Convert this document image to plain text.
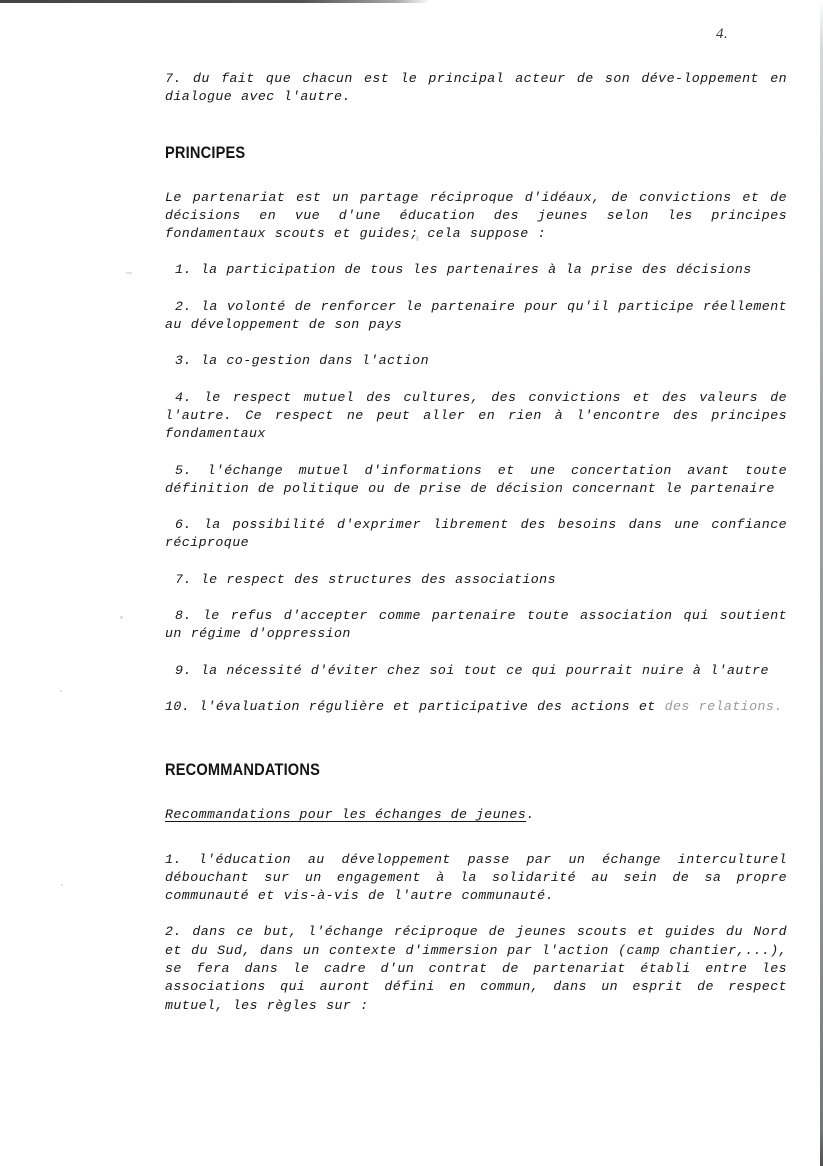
4.

7. du fait que chacun est le principal acteur de son déve-loppement en dialogue avec l'autre.

PRINCIPES

Le partenariat est un partage réciproque d'idéaux, de convictions et de décisions en vue d'une éducation des jeunes selon les principes fondamentaux scouts et guides; cela suppose :

1. la participation de tous les partenaires à la prise des décisions

2. la volonté de renforcer le partenaire pour qu'il participe réellement au développement de son pays

3. la co-gestion dans l'action

4. le respect mutuel des cultures, des convictions et des valeurs de l'autre. Ce respect ne peut aller en rien à l'encontre des principes fondamentaux

5. l'échange mutuel d'informations et une concertation avant toute définition de politique ou de prise de décision concernant le partenaire

6. la possibilité d'exprimer librement des besoins dans une confiance réciproque

7. le respect des structures des associations

8. le refus d'accepter comme partenaire toute association qui soutient un régime d'oppression

9. la nécessité d'éviter chez soi tout ce qui pourrait nuire à l'autre

10. l'évaluation régulière et participative des actions et des relations.

RECOMMANDATIONS

Recommandations pour les échanges de jeunes.

1. l'éducation au développement passe par un échange interculturel débouchant sur un engagement à la solidarité au sein de sa propre communauté et vis-à-vis de l'autre communauté.

2. dans ce but, l'échange réciproque de jeunes scouts et guides du Nord et du Sud, dans un contexte d'immersion par l'action (camp chantier,...), se fera dans le cadre d'un contrat de partenariat établi entre les associations qui auront défini en commun, dans un esprit de respect mutuel, les règles sur :
